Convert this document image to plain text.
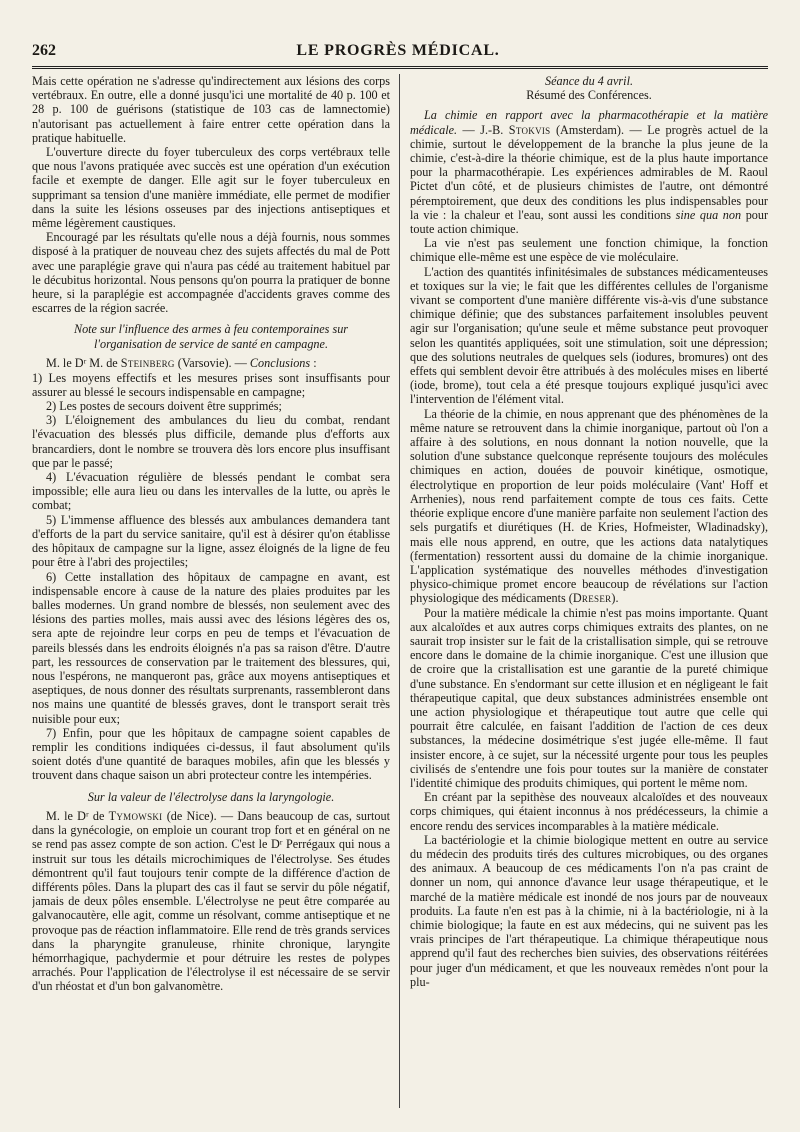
262	LE PROGRÈS MÉDICAL.

Mais cette opération ne s'adresse qu'indirectement aux lésions des corps vertébraux. En outre, elle a donné jusqu'ici une mortalité de 40 p. 100 et 28 p. 100 de guérisons (statistique de 103 cas de lamnectomie) n'autorisant pas actuellement à faire entrer cette opération dans la pratique habituelle.

L'ouverture directe du foyer tuberculeux des corps vertébraux telle que nous l'avons pratiquée avec succès est une opération d'un exécution facile et exempte de danger. Elle agit sur le foyer tuberculeux en supprimant sa tension d'une manière immédiate, elle permet de modifier dans la suite les lésions osseuses par des injections antiseptiques et même légèrement caustiques.

Encouragé par les résultats qu'elle nous a déjà fournis, nous sommes disposé à la pratiquer de nouveau chez des sujets affectés du mal de Pott avec une paraplégie grave qui n'aura pas cédé au traitement habituel par le décubitus horizontal. Nous pensons qu'on pourra la pratiquer de bonne heure, si la paraplégie est accompagnée d'accidents graves comme des escarres de la région sacrée.

Note sur l'influence des armes à feu contemporaines sur l'organisation de service de santé en campagne.

M. le Dʳ M. de Steinberg (Varsovie). — Conclusions :

1) Les moyens effectifs et les mesures prises sont insuffisants pour assurer au blessé le secours indispensable en campagne;

2) Les postes de secours doivent être supprimés;

3) L'éloignement des ambulances du lieu du combat, rendant l'évacuation des blessés plus difficile, demande plus d'efforts aux brancardiers, dont le nombre se trouvera dès lors encore plus insuffisant que par le passé;

4) L'évacuation régulière de blessés pendant le combat sera impossible; elle aura lieu ou dans les intervalles de la lutte, ou après le combat;

5) L'immense affluence des blessés aux ambulances demandera tant d'efforts de la part du service sanitaire, qu'il est à désirer qu'on établisse des hôpitaux de campagne sur la ligne, assez éloignés de la ligne de feu pour être à l'abri des projectiles;

6) Cette installation des hôpitaux de campagne en avant, est indispensable encore à cause de la nature des plaies produites par les balles modernes. Un grand nombre de blessés, non seulement avec des lésions des parties molles, mais aussi avec des lésions légères des os, sera apte de rejoindre leur corps en peu de temps et l'évacuation de pareils blessés dans les endroits éloignés n'a pas sa raison d'être. D'autre part, les ressources de conservation par le traitement des blessures, qui, nous l'espérons, ne manqueront pas, grâce aux moyens antiseptiques et aseptiques, de nous donner des résultats surprenants, rassembleront dans nos mains une quantité de blessés graves, dont le transport serait très nuisible pour eux;

7) Enfin, pour que les hôpitaux de campagne soient capables de remplir les conditions indiquées ci-dessus, il faut absolument qu'ils soient dotés d'une quantité de baraques mobiles, afin que les blessés y trouvent dans chaque saison un abri protecteur contre les intempéries.

Sur la valeur de l'électrolyse dans la laryngologie.

M. le Dʳ de Tymowski (de Nice). — Dans beaucoup de cas, surtout dans la gynécologie, on emploie un courant trop fort et en général on ne se rend pas assez compte de son action. C'est le Dʳ Perrégaux qui nous a instruit sur tous les détails microchimiques de l'électrolyse. Ses études démontrent qu'il faut toujours tenir compte de la différence d'action de différents pôles. Dans la plupart des cas il faut se servir du pôle négatif, jamais de deux pôles ensemble. L'électrolyse ne peut être comparée au galvanocautère, elle agit, comme un résolvant, comme antiseptique et ne provoque pas de réaction inflammatoire. Elle rend de très grands services dans la pharyngite granuleuse, rhinite chronique, laryngite hémorrhagique, pachydermie et pour détruire les restes de polypes arrachés. Pour l'application de l'électrolyse il est nécessaire de se servir d'un rhéostat et d'un bon galvanomètre.

Séance du 4 avril.

Résumé des Conférences.

La chimie en rapport avec la pharmacothérapie et la matière médicale. — J.-B. Stokvis (Amsterdam). — Le progrès actuel de la chimie, surtout le développement de la branche la plus jeune de la chimie, c'est-à-dire la théorie chimique, est de la plus haute importance pour la pharmacothérapie. Les expériences admirables de M. Raoul Pictet d'un côté, et de plusieurs chimistes de l'autre, ont démontré péremptoirement, que deux des conditions les plus indispensables pour la vie : la chaleur et l'eau, sont aussi les conditions sine qua non pour toute action chimique.

La vie n'est pas seulement une fonction chimique, la fonction chimique elle-même est une espèce de vie moléculaire.

L'action des quantités infinitésimales de substances médicamenteuses et toxiques sur la vie; le fait que les différentes cellules de l'organisme vivant se comportent d'une manière différente vis-à-vis d'une substance chimique définie; que des substances parfaitement insolubles peuvent agir sur l'organisation; qu'une seule et même substance peut provoquer selon les quantités appliquées, soit une stimulation, soit une dépression; que des solutions neutrales de quelques sels (iodures, bromures) ont des effets qui semblent devoir être attribués à des molécules mises en liberté (iode, brome), tout cela a été presque toujours expliqué jusqu'ici avec l'intervention de l'élément vital.

La théorie de la chimie, en nous apprenant que des phénomènes de la même nature se retrouvent dans la chimie inorganique, partout où l'on a affaire à des solutions, en nous donnant la notion nouvelle, que la solution d'une substance quelconque représente toujours des molécules chimiques en action, douées de pouvoir kinétique, osmotique, électrolytique en proportion de leur poids moléculaire (Vant' Hoff et Arrhenies), nous rend parfaitement compte de tous ces faits. Cette théorie explique encore d'une manière parfaite non seulement l'action des sels purgatifs et diurétiques (H. de Kries, Hofmeister, Wladinadsky), mais elle nous apprend, en outre, que les actions data natalytiques (fermentation) ressortent aussi du domaine de la chimie inorganique. L'application systématique des nouvelles méthodes d'investigation physico-chimique promet encore beaucoup de révélations sur l'action physiologique des médicaments (Dreser).

Pour la matière médicale la chimie n'est pas moins importante. Quant aux alcaloïdes et aux autres corps chimiques extraits des plantes, on ne saurait trop insister sur le fait de la cristallisation simple, qui se retrouve encore dans le domaine de la chimie inorganique. C'est une illusion que de croire que la cristallisation est une garantie de la pureté chimique d'une substance. En s'endormant sur cette illusion et en négligeant le fait thérapeutique capital, que deux substances administrées ensemble ont une action physiologique et thérapeutique tout autre que celle qui pourrait être calculée, en faisant l'addition de l'action de ces deux substances, la médecine dosimétrique s'est jugée elle-même. Il faut insister encore, à ce sujet, sur la nécessité urgente pour tous les peuples civilisés de s'entendre une fois pour toutes sur la manière de constater l'identité chimique des produits chimiques, qui portent le même nom.

En créant par la sepithèse des nouveaux alcaloïdes et des nouveaux corps chimiques, qui étaient inconnus à nos prédécesseurs, la chimie a encore rendu des services incomparables à la matière médicale.

La bactériologie et la chimie biologique mettent en outre au service du médecin des produits tirés des cultures microbiques, ou des organes des animaux. A beaucoup de ces médicaments l'on n'a pas craint de donner un nom, qui annonce d'avance leur usage thérapeutique, et le marché de la matière médicale est inondé de nos jours par de nouveaux produits. La faute n'en est pas à la chimie, ni à la bactériologie, ni à la chimie biologique; la faute en est aux médecins, qui ne suivent pas les vrais principes de l'art thérapeutique. La chimique thérapeutique nous apprend qu'il faut des recherches bien suivies, des observations réitérées pour juger d'un médicament, et que les nouveaux remèdes n'ont pour la plu-
